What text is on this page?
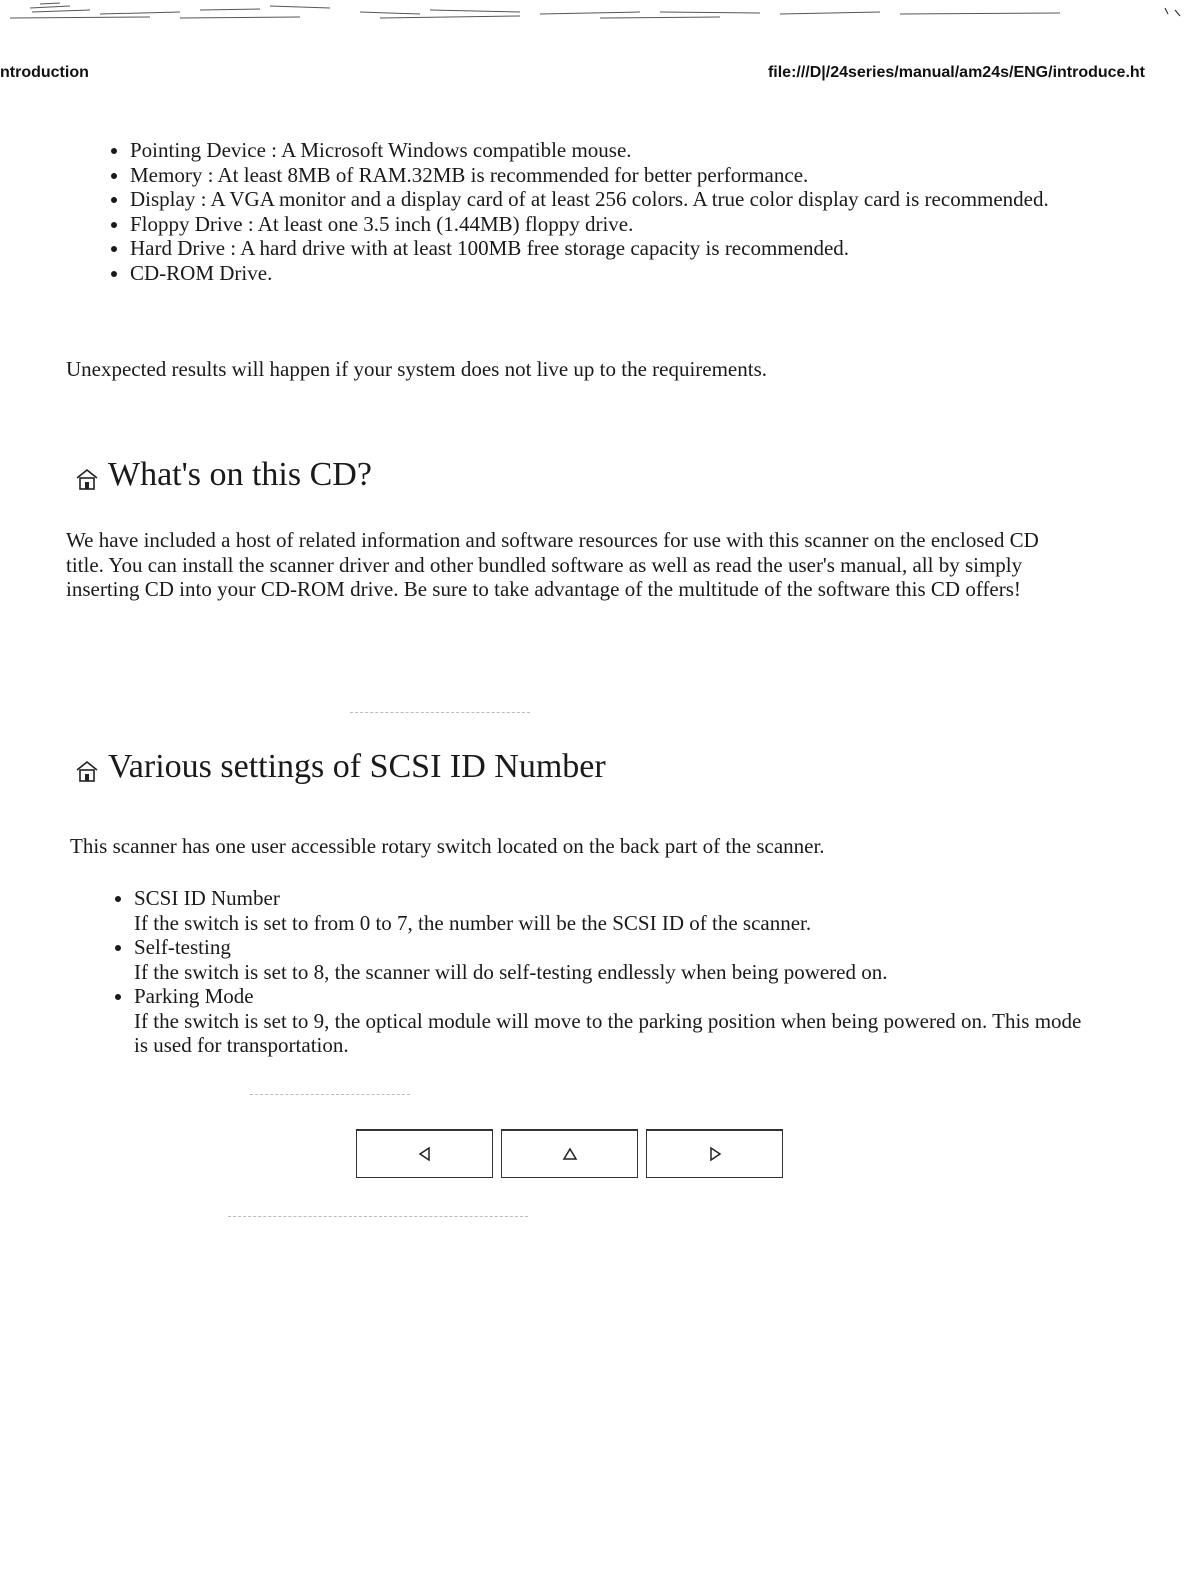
ntroduction	file:///D|/24series/manual/am24s/ENG/introduce.ht
• Pointing Device : A Microsoft Windows compatible mouse.
• Memory : At least 8MB of RAM.32MB is recommended for better performance.
• Display : A VGA monitor and a display card of at least 256 colors. A true color display card is recommended.
• Floppy Drive : At least one 3.5 inch (1.44MB) floppy drive.
• Hard Drive : A hard drive with at least 100MB free storage capacity is recommended.
• CD-ROM Drive.

Unexpected results will happen if your system does not live up to the requirements.

What's on this CD?

We have included a host of related information and software resources for use with this scanner on the enclosed CD title. You can install the scanner driver and other bundled software as well as read the user's manual, all by simply inserting CD into your CD-ROM drive. Be sure to take advantage of the multitude of the software this CD offers!

Various settings of SCSI ID Number

This scanner has one user accessible rotary switch located on the back part of the scanner.

• SCSI ID Number
If the switch is set to from 0 to 7, the number will be the SCSI ID of the scanner.
• Self-testing
If the switch is set to 8, the scanner will do self-testing endlessly when being powered on.
• Parking Mode
If the switch is set to 9, the optical module will move to the parking position when being powered on. This mode is used for transportation.
